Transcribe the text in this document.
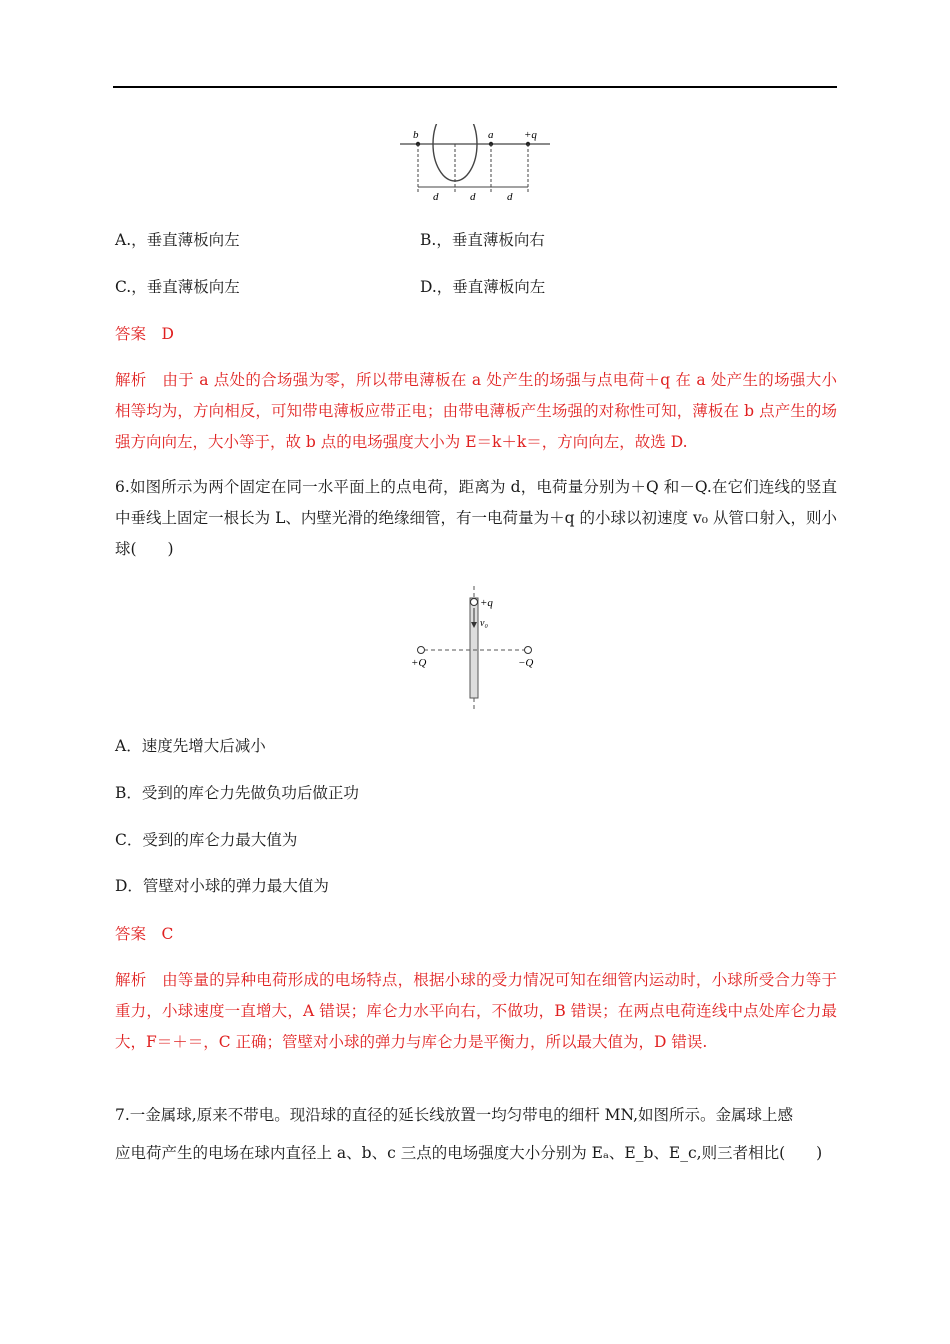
b	a	+q
d	d	d
A.，垂直薄板向左	B.，垂直薄板向右
C.，垂直薄板向左	D.，垂直薄板向左
答案　D
解析　由于 a 点处的合场强为零，所以带电薄板在 a 处产生的场强与点电荷＋q 在 a 处产生的场强大小相等均为，方向相反，可知带电薄板应带正电；由带电薄板产生场强的对称性可知，薄板在 b 点产生的场强方向向左，大小等于，故 b 点的电场强度大小为 E＝k＋k＝，方向向左，故选 D.
6.如图所示为两个固定在同一水平面上的点电荷，距离为 d，电荷量分别为＋Q 和－Q.在它们连线的竖直中垂线上固定一根长为 L、内壁光滑的绝缘细管，有一电荷量为＋q 的小球以初速度 v₀ 从管口射入，则小球(　　)
+q
v₀
+Q	−Q
A．速度先增大后减小
B．受到的库仑力先做负功后做正功
C．受到的库仑力最大值为
D．管壁对小球的弹力最大值为
答案　C
解析　由等量的异种电荷形成的电场特点，根据小球的受力情况可知在细管内运动时，小球所受合力等于重力，小球速度一直增大，A 错误；库仑力水平向右，不做功，B 错误；在两点电荷连线中点处库仑力最大，F＝＋＝，C 正确；管壁对小球的弹力与库仑力是平衡力，所以最大值为，D 错误.
7.一金属球,原来不带电。现沿球的直径的延长线放置一均匀带电的细杆 MN,如图所示。金属球上感
应电荷产生的电场在球内直径上 a、b、c 三点的电场强度大小分别为 Eₐ、E_b、E_c,则三者相比(　　)
